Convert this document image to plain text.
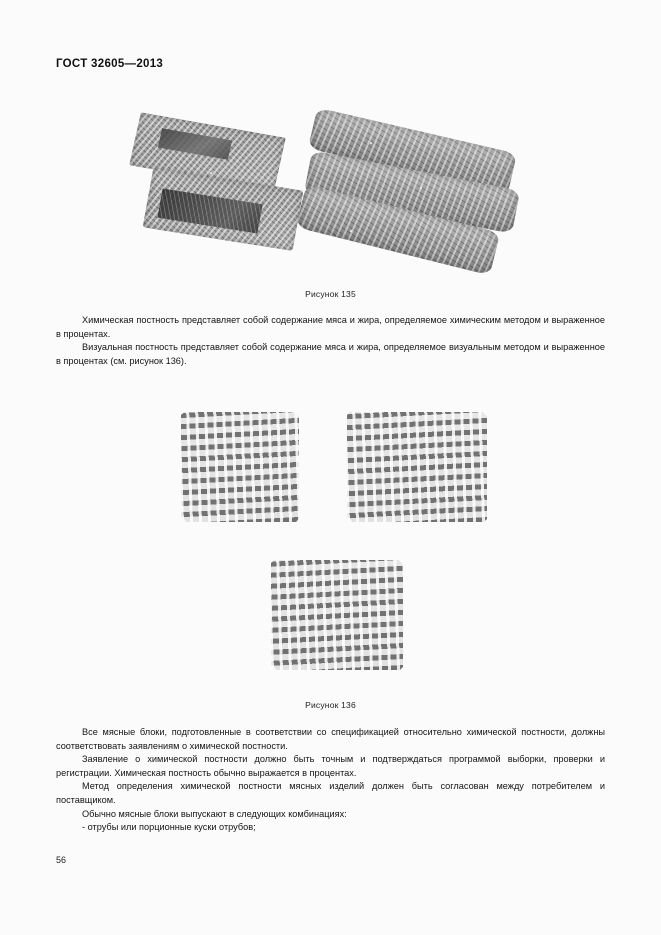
ГОСТ 32605—2013
Рисунок 135

Химическая постность представляет собой содержание мяса и жира, определяемое химическим методом и выраженное в процентах.

Визуальная постность представляет собой содержание мяса и жира, определяемое визуальным методом и выраженное в процентах (см. рисунок 136).

Рисунок 136

Все мясные блоки, подготовленные в соответствии со спецификацией относительно химической постности, должны соответствовать заявлениям о химической постности.

Заявление о химической постности должно быть точным и подтверждаться программой выборки, проверки и регистрации. Химическая постность обычно выражается в процентах.

Метод определения химической постности мясных изделий должен быть согласован между потребителем и поставщиком.

Обычно мясные блоки выпускают в следующих комбинациях:

- отрубы или порционные куски отрубов;

56
